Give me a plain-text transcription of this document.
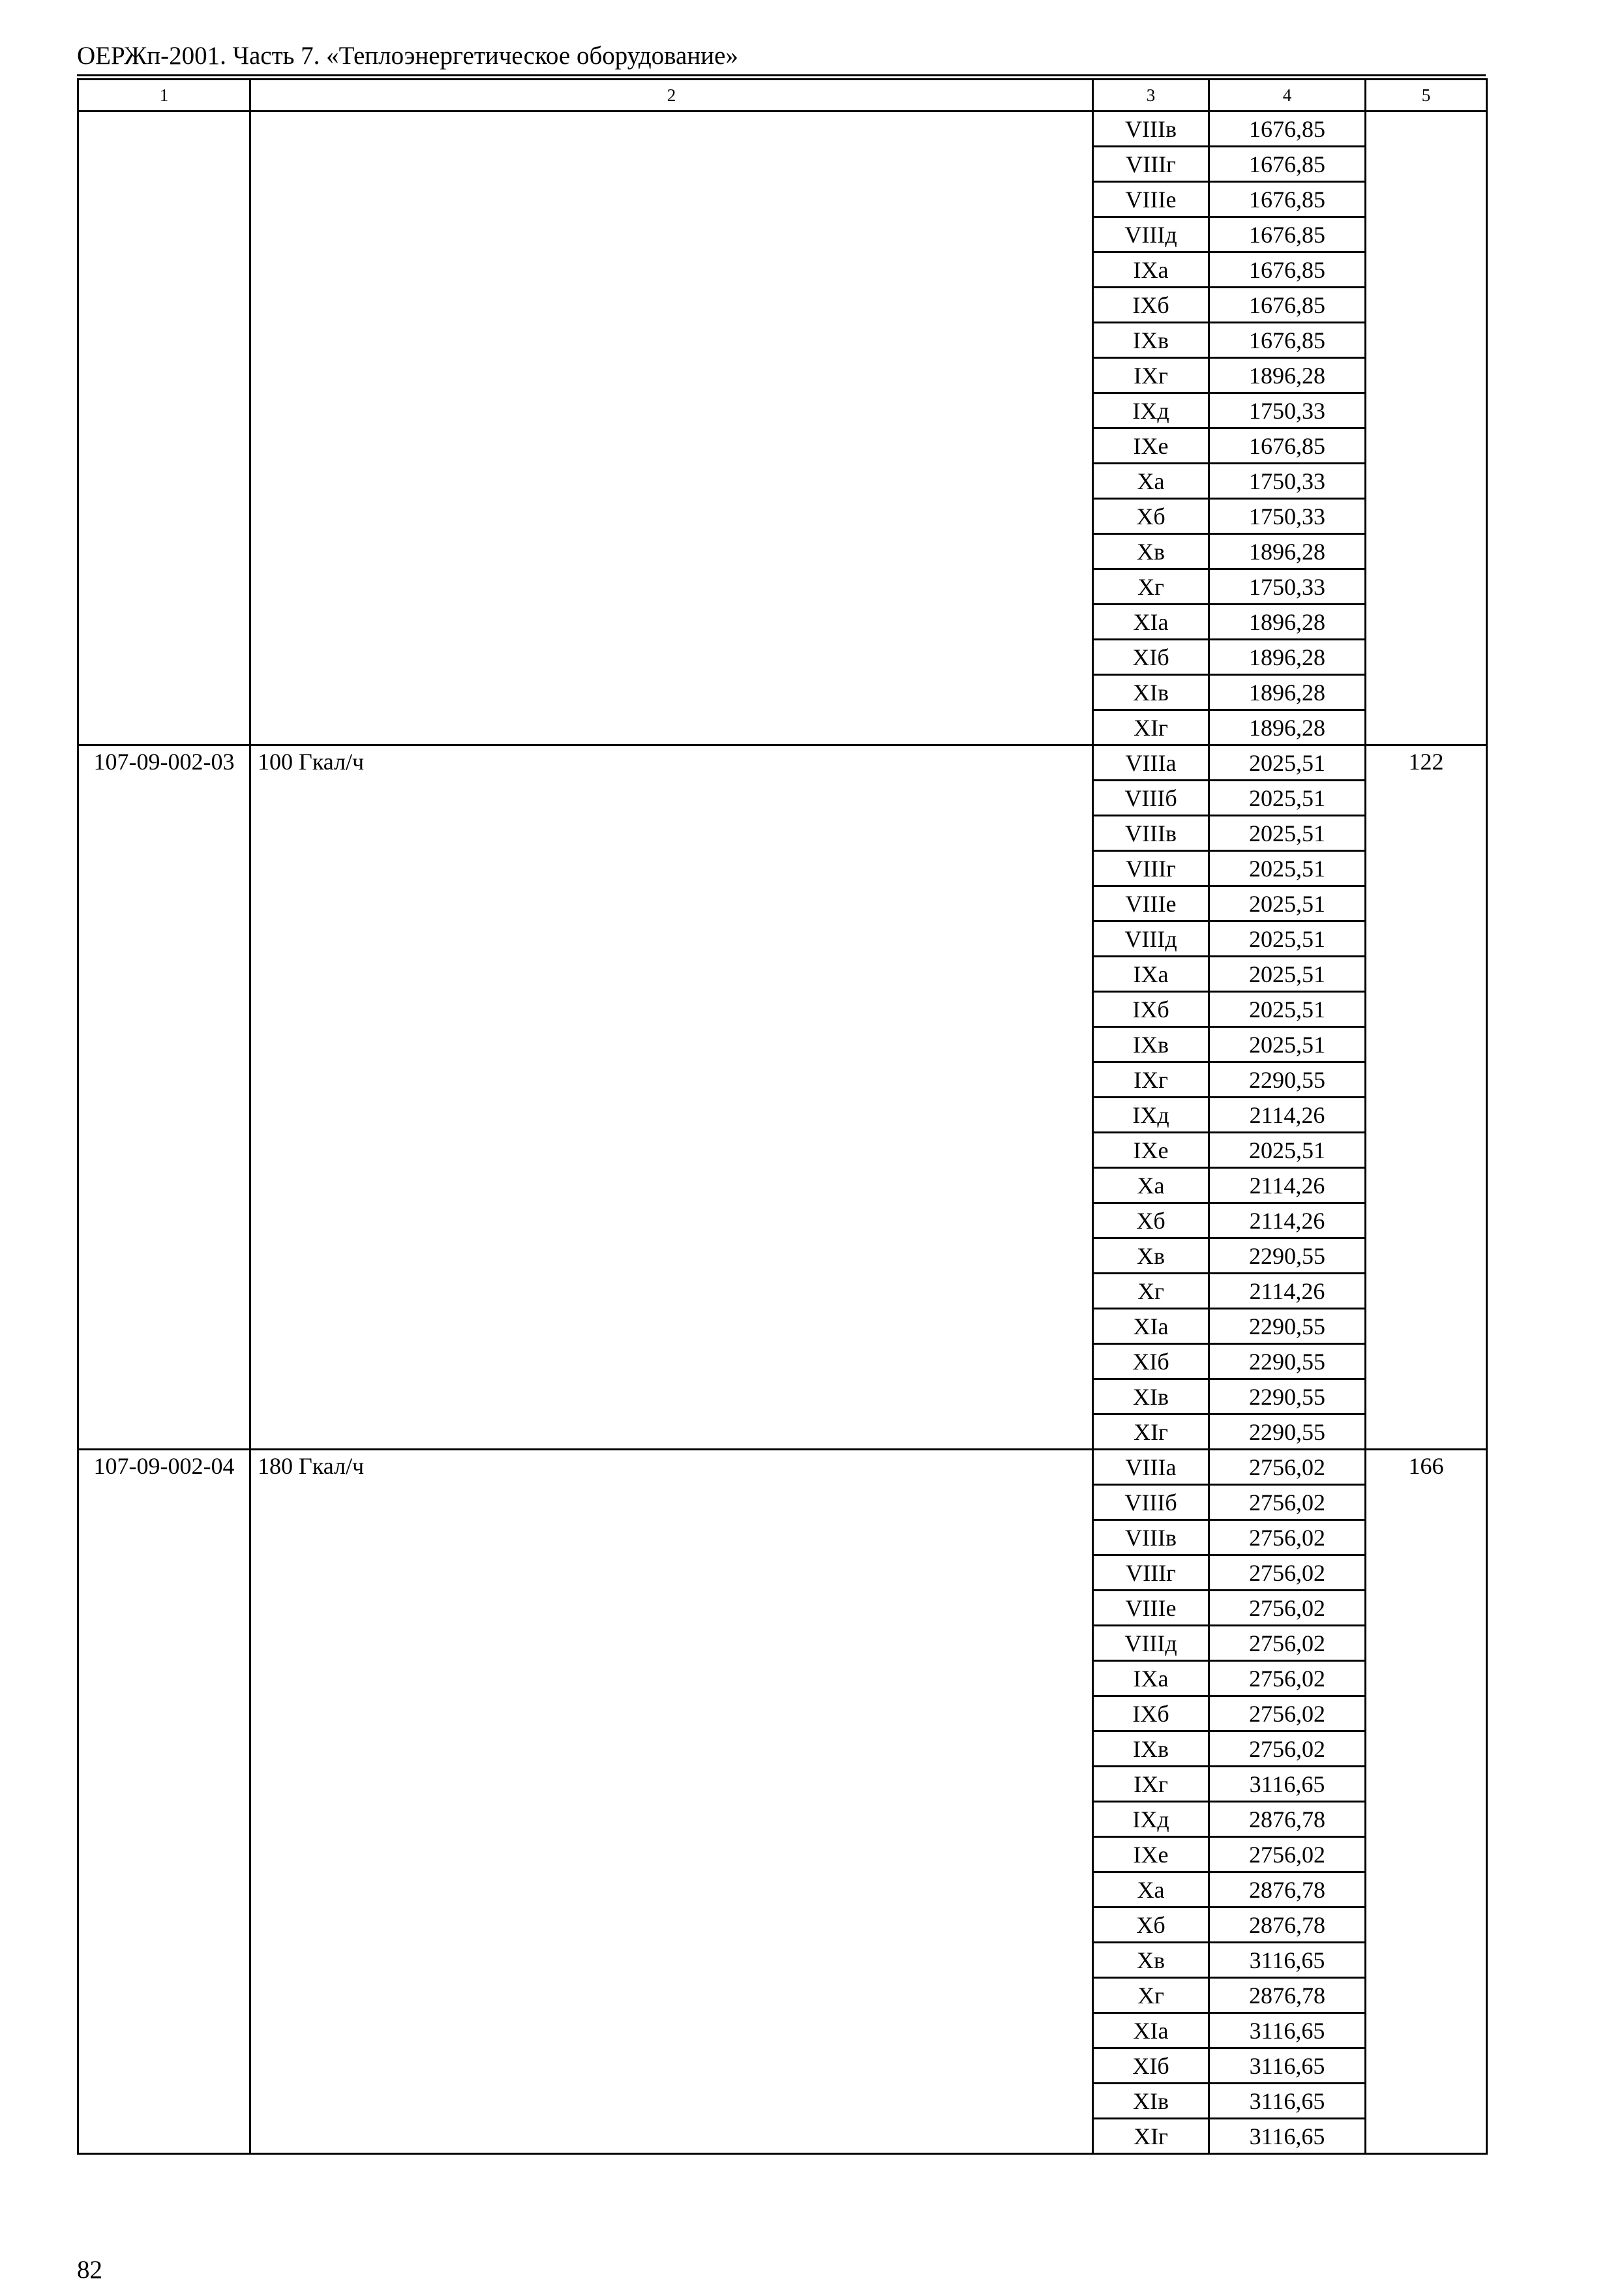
ОЕРЖп-2001. Часть 7. «Теплоэнергетическое оборудование»
1	2	3	4	5
		VIIIв	1676,85	
		VIIIг	1676,85	
		VIIIе	1676,85	
		VIIIд	1676,85	
		IXа	1676,85	
		IXб	1676,85	
		IXв	1676,85	
		IXг	1896,28	
		IXд	1750,33	
		IXе	1676,85	
		Xа	1750,33	
		Xб	1750,33	
		Xв	1896,28	
		Xг	1750,33	
		XIа	1896,28	
		XIб	1896,28	
		XIв	1896,28	
		XIг	1896,28	
107-09-002-03	100 Гкал/ч	VIIIа	2025,51	122
		VIIIб	2025,51	
		VIIIв	2025,51	
		VIIIг	2025,51	
		VIIIе	2025,51	
		VIIIд	2025,51	
		IXа	2025,51	
		IXб	2025,51	
		IXв	2025,51	
		IXг	2290,55	
		IXд	2114,26	
		IXе	2025,51	
		Xа	2114,26	
		Xб	2114,26	
		Xв	2290,55	
		Xг	2114,26	
		XIа	2290,55	
		XIб	2290,55	
		XIв	2290,55	
		XIг	2290,55	
107-09-002-04	180 Гкал/ч	VIIIа	2756,02	166
		VIIIб	2756,02	
		VIIIв	2756,02	
		VIIIг	2756,02	
		VIIIе	2756,02	
		VIIIд	2756,02	
		IXа	2756,02	
		IXб	2756,02	
		IXв	2756,02	
		IXг	3116,65	
		IXд	2876,78	
		IXе	2756,02	
		Xа	2876,78	
		Xб	2876,78	
		Xв	3116,65	
		Xг	2876,78	
		XIа	3116,65	
		XIб	3116,65	
		XIв	3116,65	
		XIг	3116,65	
82
